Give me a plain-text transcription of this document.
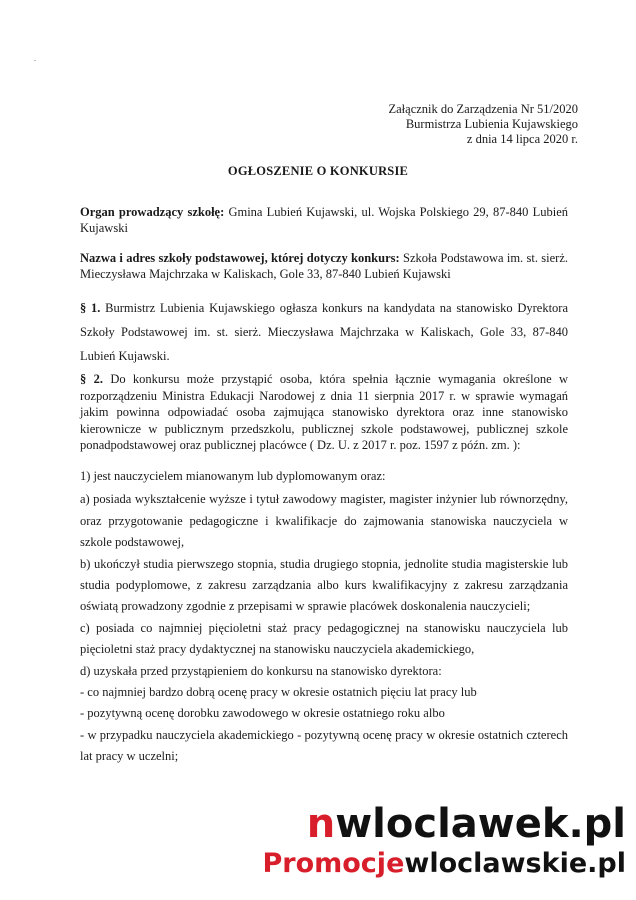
Załącznik do Zarządzenia Nr 51/2020
Burmistrza Lubienia Kujawskiego
z dnia 14 lipca 2020 r.
OGŁOSZENIE O KONKURSIE
Organ prowadzący szkołę: Gmina Lubień Kujawski, ul. Wojska Polskiego 29, 87-840 Lubień Kujawski
Nazwa i adres szkoły podstawowej, której dotyczy konkurs: Szkoła Podstawowa im. st. sierż. Mieczysława Majchrzaka w Kaliskach, Gole 33, 87-840 Lubień Kujawski
§ 1. Burmistrz Lubienia Kujawskiego ogłasza konkurs na kandydata na stanowisko Dyrektora Szkoły Podstawowej im. st. sierż. Mieczysława Majchrzaka w Kaliskach, Gole 33, 87-840 Lubień Kujawski.
§ 2. Do konkursu może przystąpić osoba, która spełnia łącznie wymagania określone w rozporządzeniu Ministra Edukacji Narodowej z dnia 11 sierpnia 2017 r. w sprawie wymagań jakim powinna odpowiadać osoba zajmująca stanowisko dyrektora oraz inne stanowisko kierownicze w publicznym przedszkolu, publicznej szkole podstawowej, publicznej szkole ponadpodstawowej oraz publicznej placówce ( Dz. U. z 2017 r. poz. 1597 z późn. zm. ):

1) jest nauczycielem mianowanym lub dyplomowanym oraz:

a) posiada wykształcenie wyższe i tytuł zawodowy magister, magister inżynier lub równorzędny, oraz przygotowanie pedagogiczne i kwalifikacje do zajmowania stanowiska nauczyciela w szkole podstawowej,

b) ukończył studia pierwszego stopnia, studia drugiego stopnia, jednolite studia magisterskie lub studia podyplomowe, z zakresu zarządzania albo kurs kwalifikacyjny z zakresu zarządzania oświatą prowadzony zgodnie z przepisami w sprawie placówek doskonalenia nauczycieli;

c) posiada co najmniej pięcioletni staż pracy pedagogicznej na stanowisku nauczyciela lub pięcioletni staż pracy dydaktycznej na stanowisku nauczyciela akademickiego,

d) uzyskała przed przystąpieniem do konkursu na stanowisko dyrektora:

- co najmniej bardzo dobrą ocenę pracy w okresie ostatnich pięciu lat pracy lub

- pozytywną ocenę dorobku zawodowego w okresie ostatniego roku albo

- w przypadku nauczyciela akademickiego - pozytywną ocenę pracy w okresie ostatnich czterech lat pracy w uczelni;

nwloclawek.pl
Promocjewloclawskie.pl
